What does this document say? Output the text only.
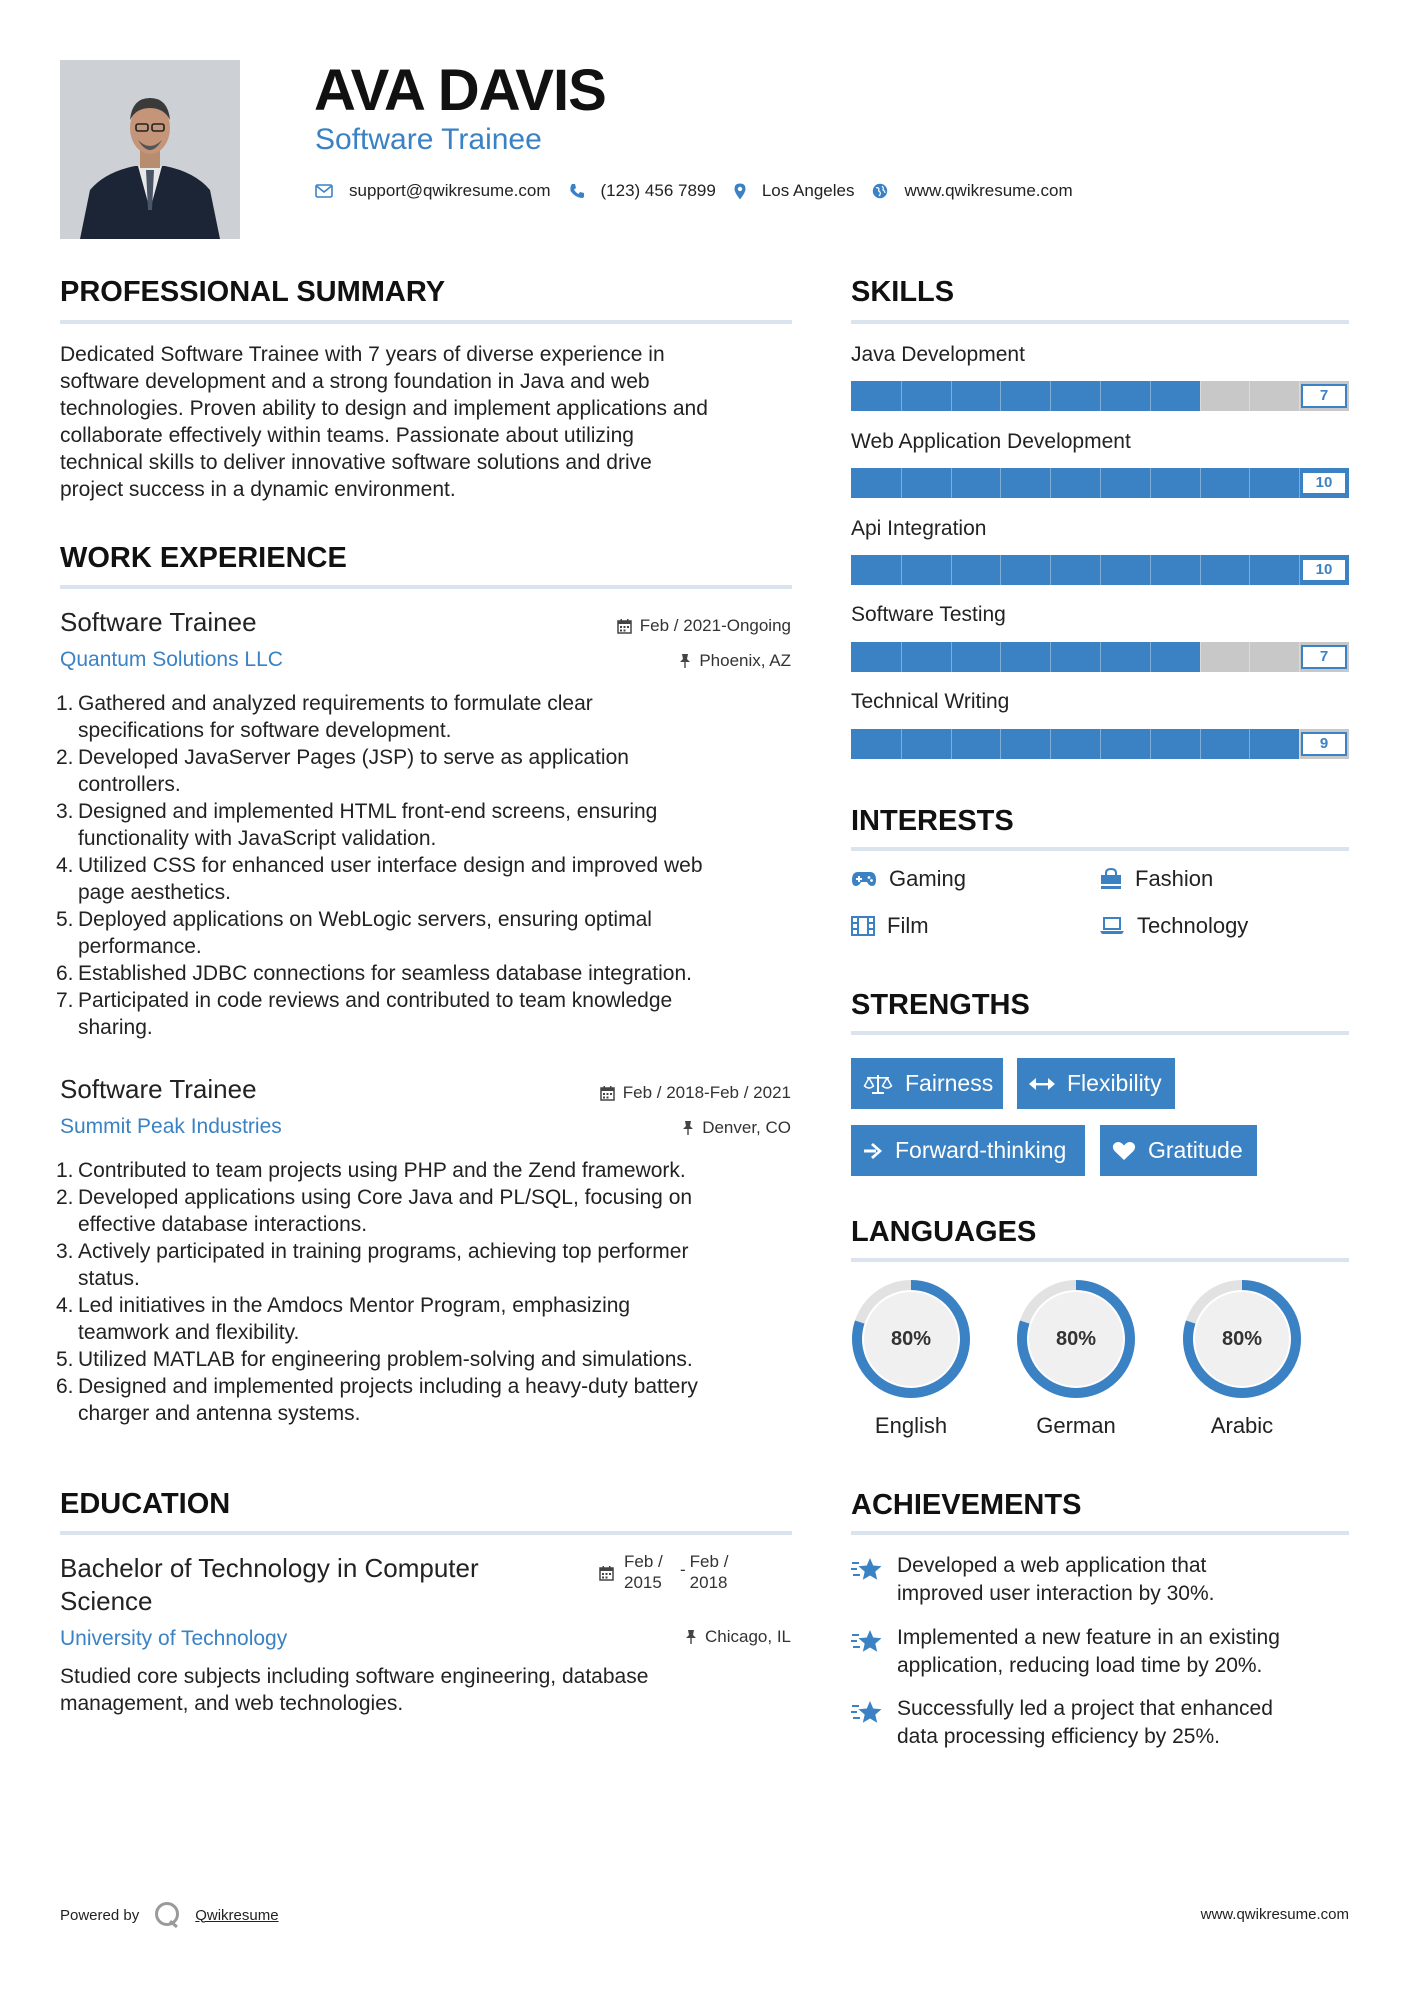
AVA DAVIS
Software Trainee
support@qwikresume.com	(123) 456 7899	Los Angeles	www.qwikresume.com
PROFESSIONAL SUMMARY
Dedicated Software Trainee with 7 years of diverse experience in
software development and a strong foundation in Java and web
technologies. Proven ability to design and implement applications and
collaborate effectively within teams. Passionate about utilizing
technical skills to deliver innovative software solutions and drive
project success in a dynamic environment.
WORK EXPERIENCE
Software Trainee
Quantum Solutions LLC
Feb / 2021-Ongoing
Phoenix, AZ
1. Gathered and analyzed requirements to formulate clear
specifications for software development.
2. Developed JavaServer Pages (JSP) to serve as application
controllers.
3. Designed and implemented HTML front-end screens, ensuring
functionality with JavaScript validation.
4. Utilized CSS for enhanced user interface design and improved web
page aesthetics.
5. Deployed applications on WebLogic servers, ensuring optimal
performance.
6. Established JDBC connections for seamless database integration.
7. Participated in code reviews and contributed to team knowledge
sharing.
Software Trainee
Summit Peak Industries
Feb / 2018-Feb / 2021
Denver, CO
1. Contributed to team projects using PHP and the Zend framework.
2. Developed applications using Core Java and PL/SQL, focusing on
effective database interactions.
3. Actively participated in training programs, achieving top performer
status.
4. Led initiatives in the Amdocs Mentor Program, emphasizing
teamwork and flexibility.
5. Utilized MATLAB for engineering problem-solving and simulations.
6. Designed and implemented projects including a heavy-duty battery
charger and antenna systems.
EDUCATION
Bachelor of Technology in Computer
Science
University of Technology
Feb /
2015
- Feb /
2018
Chicago, IL
Studied core subjects including software engineering, database
management, and web technologies.
SKILLS
Java Development
7
Web Application Development
10
Api Integration
10
Software Testing
7
Technical Writing
9
INTERESTS
Gaming	Fashion
Film	Technology
STRENGTHS
Fairness	Flexibility
Forward-thinking	Gratitude
LANGUAGES
80%
English
80%
German
80%
Arabic
ACHIEVEMENTS
Developed a web application that
improved user interaction by 30%.
Implemented a new feature in an existing
application, reducing load time by 20%.
Successfully led a project that enhanced
data processing efficiency by 25%.
Powered by	Qwikresume	www.qwikresume.com
